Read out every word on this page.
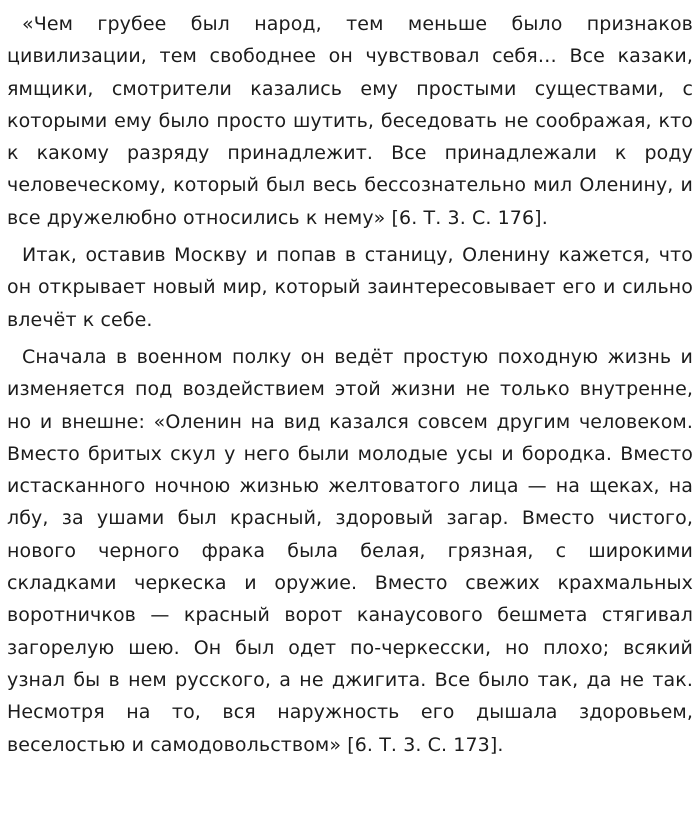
«Чем грубее был народ, тем меньше было признаков цивилизации, тем свободнее он чувствовал себя… Все казаки, ямщики, смотрители казались ему простыми существами, с которыми ему было просто шутить, беседовать не соображая, кто к какому разряду принадлежит. Все принадлежали к роду человеческому, который был весь бессознательно мил Оленину, и все дружелюбно относились к нему» [6. Т. 3. С. 176].

Итак, оставив Москву и попав в станицу, Оленину кажется, что он открывает новый мир, который заинтересовывает его и сильно влечёт к себе.

Сначала в военном полку он ведёт простую походную жизнь и изменяется под воздействием этой жизни не только внутренне, но и внешне: «Оленин на вид казался совсем другим человеком. Вместо бритых скул у него были молодые усы и бородка. Вместо истасканного ночною жизнью желтоватого лица — на щеках, на лбу, за ушами был красный, здоровый загар. Вместо чистого, нового черного фрака была белая, грязная, с широкими складками черкеска и оружие. Вместо свежих крахмальных воротничков — красный ворот канаусового бешмета стягивал загорелую шею. Он был одет по-черкесски, но плохо; всякий узнал бы в нем русского, а не джигита. Все было так, да не так. Несмотря на то, вся наружность его дышала здоровьем, веселостью и самодовольством» [6. Т. 3. С. 173].
